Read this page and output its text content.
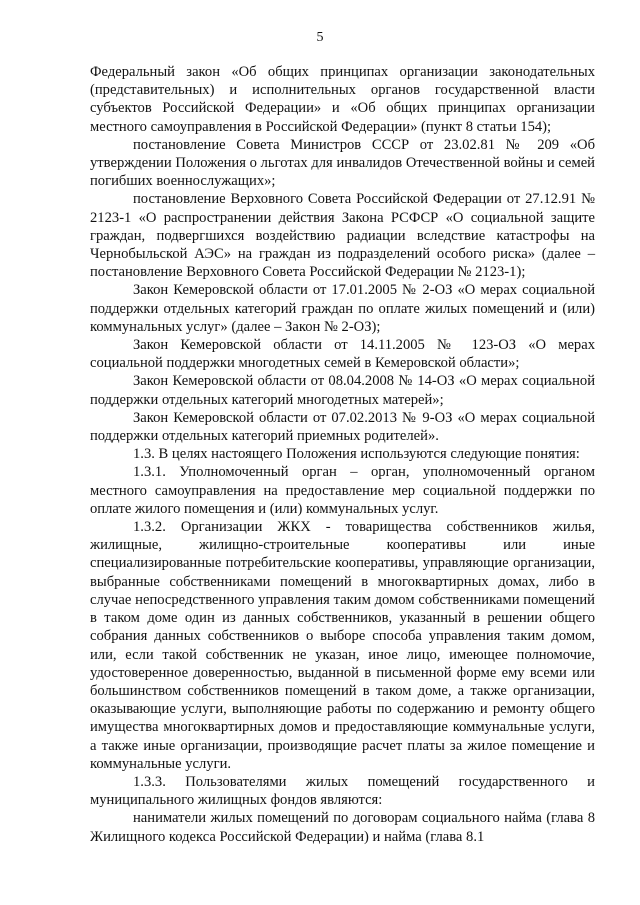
5

Федеральный закон «Об общих принципах организации законодательных (представительных) и исполнительных органов государственной власти субъектов Российской Федерации» и «Об общих принципах организации местного самоуправления в Российской Федерации» (пункт 8 статьи 154);

постановление Совета Министров СССР от 23.02.81 № 209 «Об утверждении Положения о льготах для инвалидов Отечественной войны и семей погибших военнослужащих»;

постановление Верховного Совета Российской Федерации от 27.12.91 № 2123-1 «О распространении действия Закона РСФСР «О социальной защите граждан, подвергшихся воздействию радиации вследствие катастрофы на Чернобыльской АЭС» на граждан из подразделений особого риска» (далее – постановление Верховного Совета Российской Федерации № 2123-1);

Закон Кемеровской области от 17.01.2005 № 2-ОЗ «О мерах социальной поддержки отдельных категорий граждан по оплате жилых помещений и (или) коммунальных услуг» (далее – Закон № 2-ОЗ);

Закон Кемеровской области от 14.11.2005 № 123-ОЗ «О мерах социальной поддержки многодетных семей в Кемеровской области»;

Закон Кемеровской области от 08.04.2008 № 14-ОЗ «О мерах социальной поддержки отдельных категорий многодетных матерей»;

Закон Кемеровской области от 07.02.2013 № 9-ОЗ «О мерах социальной поддержки отдельных категорий приемных родителей».

1.3. В целях настоящего Положения используются следующие понятия:

1.3.1. Уполномоченный орган – орган, уполномоченный органом местного самоуправления на предоставление мер социальной поддержки по оплате жилого помещения и (или) коммунальных услуг.

1.3.2. Организации ЖКХ - товарищества собственников жилья, жилищные, жилищно-строительные кооперативы или иные специализированные потребительские кооперативы, управляющие организации, выбранные собственниками помещений в многоквартирных домах, либо в случае непосредственного управления таким домом собственниками помещений в таком доме один из данных собственников, указанный в решении общего собрания данных собственников о выборе способа управления таким домом, или, если такой собственник не указан, иное лицо, имеющее полномочие, удостоверенное доверенностью, выданной в письменной форме ему всеми или большинством собственников помещений в таком доме, а также организации, оказывающие услуги, выполняющие работы по содержанию и ремонту общего имущества многоквартирных домов и предоставляющие коммунальные услуги, а также иные организации, производящие расчет платы за жилое помещение и коммунальные услуги.

1.3.3. Пользователями жилых помещений государственного и муниципального жилищных фондов являются:

наниматели жилых помещений по договорам социального найма (глава 8 Жилищного кодекса Российской Федерации) и найма (глава 8.1
